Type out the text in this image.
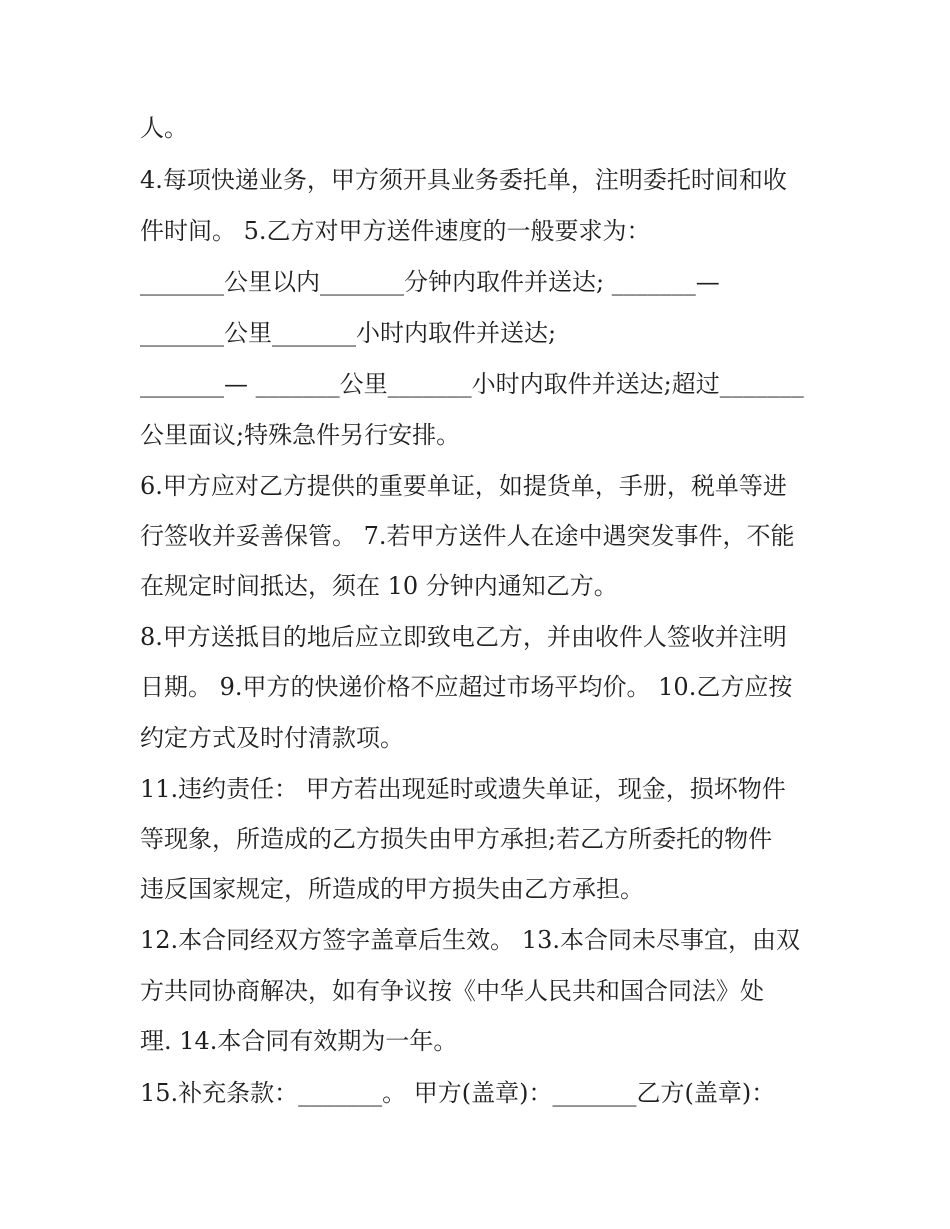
人。
4.每项快递业务，甲方须开具业务委托单，注明委托时间和收
件时间。 5.乙方对甲方送件速度的一般要求为：
_______公里以内_______分钟内取件并送达; _______—
_______公里_______小时内取件并送达;
_______— _______公里_______小时内取件并送达;超过_______
公里面议;特殊急件另行安排。
6.甲方应对乙方提供的重要单证，如提货单，手册，税单等进
行签收并妥善保管。 7.若甲方送件人在途中遇突发事件，不能
在规定时间抵达，须在 10 分钟内通知乙方。
8.甲方送抵目的地后应立即致电乙方，并由收件人签收并注明
日期。 9.甲方的快递价格不应超过市场平均价。 10.乙方应按
约定方式及时付清款项。
11.违约责任： 甲方若出现延时或遗失单证，现金，损坏物件
等现象，所造成的乙方损失由甲方承担;若乙方所委托的物件
违反国家规定，所造成的甲方损失由乙方承担。
12.本合同经双方签字盖章后生效。 13.本合同未尽事宜，由双
方共同协商解决，如有争议按《中华人民共和国合同法》处
理. 14.本合同有效期为一年。
15.补充条款：_______。 甲方(盖章)：_______乙方(盖章)：
